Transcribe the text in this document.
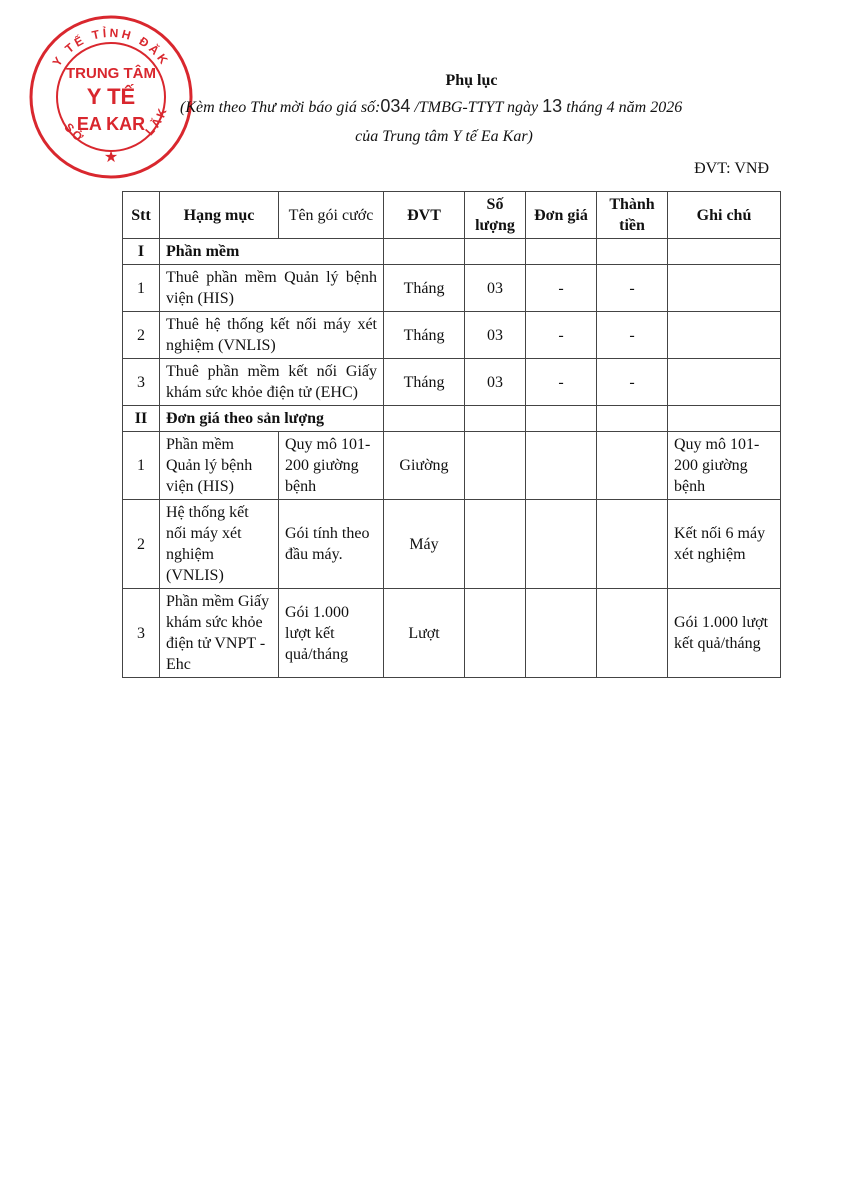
Y TẾ TỈNH ĐĂK
SỞ	LĂK
TRUNG TÂM
Y TẾ
EA KAR
★
Phụ lục
(Kèm theo Thư mời báo giá số:034 /TMBG-TTYT ngày 13 tháng 4 năm 2026
của Trung tâm Y tế Ea Kar)
ĐVT: VNĐ
Stt	Hạng mục	Tên gói cước	ĐVT	Số lượng	Đơn giá	Thành tiền	Ghi chú
I	Phần mềm						
1	Thuê phần mềm Quản lý bệnh viện (HIS)		Tháng	03	-	-	
2	Thuê hệ thống kết nối máy xét nghiệm (VNLIS)		Tháng	03	-	-	
3	Thuê phần mềm kết nối Giấy khám sức khỏe điện tử (EHC)		Tháng	03	-	-	
II	Đơn giá theo sản lượng						
1	Phần mềm Quản lý bệnh viện (HIS)	Quy mô 101-200 giường bệnh	Giường				Quy mô 101-200 giường bệnh
2	Hệ thống kết nối máy xét nghiệm (VNLIS)	Gói tính theo đầu máy.	Máy				Kết nối 6 máy xét nghiệm
3	Phần mềm Giấy khám sức khỏe điện tử VNPT - Ehc	Gói 1.000 lượt kết quả/tháng	Lượt				Gói 1.000 lượt kết quả/tháng
